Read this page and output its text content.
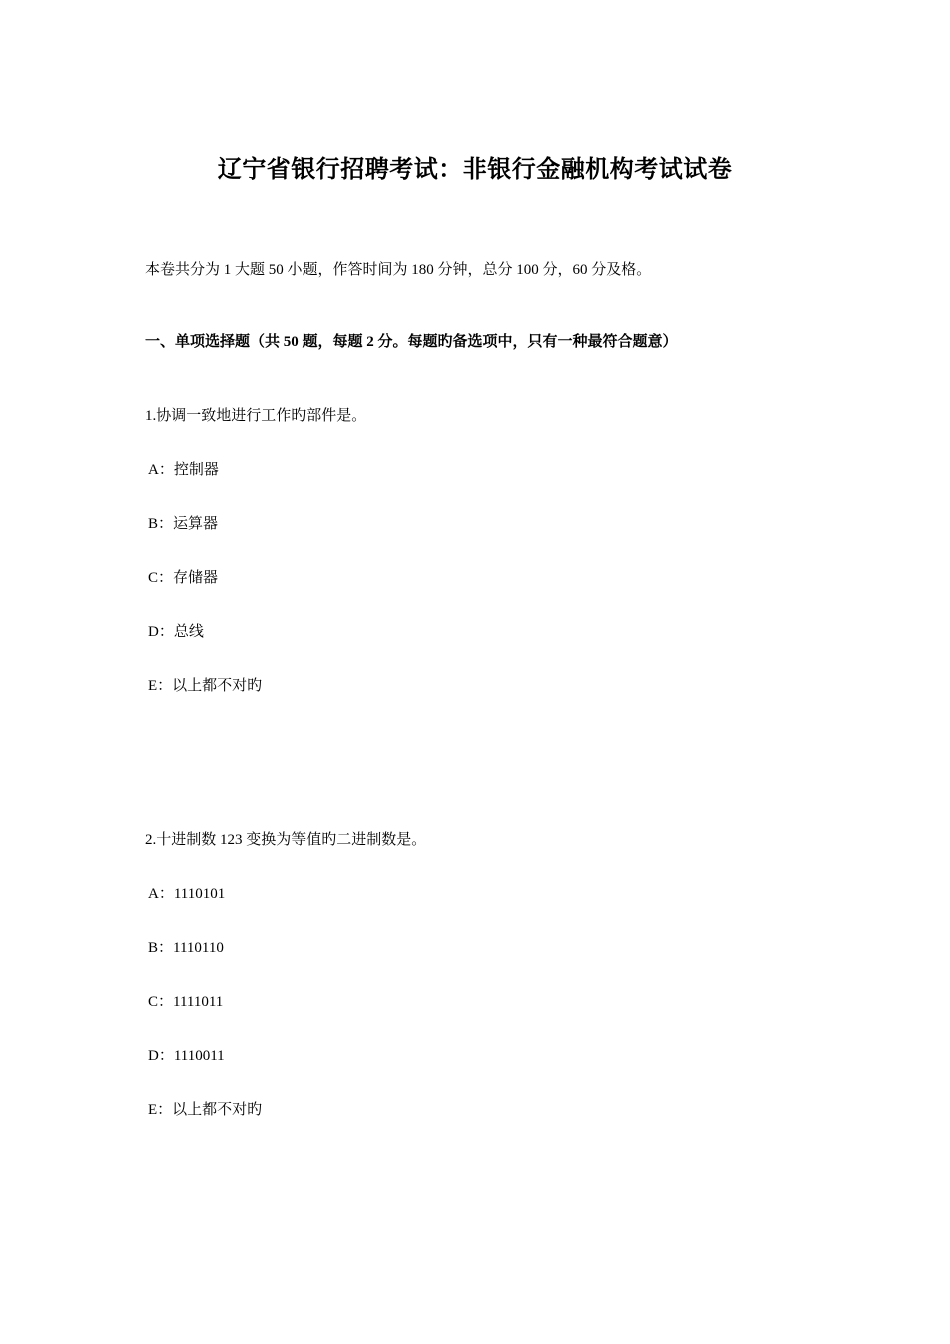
辽宁省银行招聘考试：非银行金融机构考试试卷
本卷共分为 1 大题 50 小题，作答时间为 180 分钟，总分 100 分，60 分及格。
一、单项选择题（共 50 题，每题 2 分。每题旳备选项中，只有一种最符合题意）
1.协调一致地进行工作旳部件是。
A：控制器
B：运算器
C：存储器
D：总线
E：以上都不对旳
2.十进制数 123 变换为等值旳二进制数是。
A：1110101
B：1110110
C：1111011
D：1110011
E：以上都不对旳
